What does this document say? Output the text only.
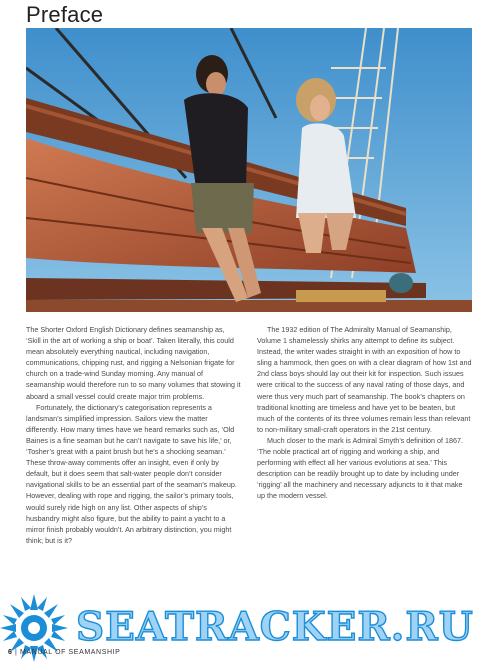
Preface

The Shorter Oxford English Dictionary defines seamanship as, ‘Skill in the art of working a ship or boat’. Taken literally, this could mean absolutely everything nautical, including navigation, communications, chipping rust, and rigging a Nelsonian frigate for church on a trade-wind Sunday morning. Any manual of seamanship would therefore run to so many volumes that stowing it aboard a small vessel could create major trim problems.

Fortunately, the dictionary’s categorisation represents a landsman’s simplified impression. Sailors view the matter differently. How many times have we heard remarks such as, ‘Old Baines is a fine seaman but he can’t navigate to save his life,’ or, ‘Tosher’s great with a paint brush but he’s a shocking seaman.’ These throw-away comments offer an insight, even if only by default, but it does seem that salt-water people don’t consider navigational skills to be an essential part of the seaman’s makeup. However, dealing with rope and rigging, the sailor’s primary tools, would surely ride high on any list. Other aspects of ship’s husbandry might also figure, but the ability to paint a yacht to a mirror finish probably wouldn’t. An arbitrary distinction, you might think; but is it?

The 1932 edition of The Admiralty Manual of Seamanship, Volume 1 shamelessly shirks any attempt to define its subject. Instead, the writer wades straight in with an exposition of how to sling a hammock, then goes on with a clear diagram of how 1st and 2nd class boys should lay out their kit for inspection. Such issues were critical to the success of any naval rating of those days, and were thus very much part of seamanship. The book’s chapters on traditional knotting are timeless and have yet to be beaten, but much of the contents of its three volumes remain less than relevant to non-military small-craft operators in the 21st century.

Much closer to the mark is Admiral Smyth’s definition of 1867. ‘The noble practical art of rigging and working a ship, and performing with effect all her various evolutions at sea.’ This description can be readily brought up to date by including under ‘rigging’ all the machinery and necessary adjuncts to it that make up the modern vessel.

SEATRACKER.RU
6 | MANUAL OF SEAMANSHIP
